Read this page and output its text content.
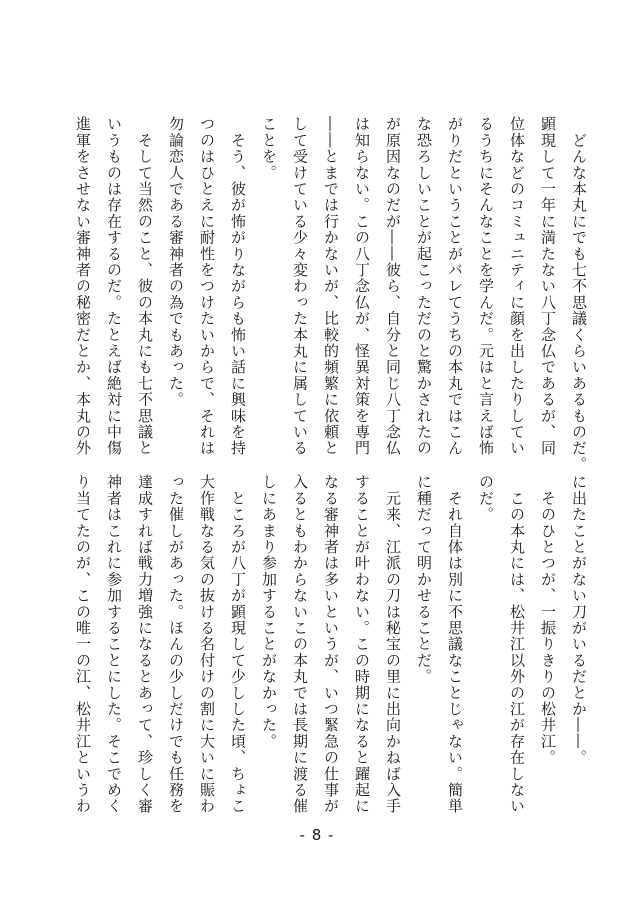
　どんな本丸にでも七不思議くらいあるものだ。

顕現して一年に満たない八丁念仏であるが、同

位体などのコミュニティに顔を出したりしてい

るうちにそんなことを学んだ。元はと言えば怖

がりだということがバレてうちの本丸ではこん

な恐ろしいことが起こっただのと驚かされたの

が原因なのだが――彼ら、自分と同じ八丁念仏

は知らない。この八丁念仏が、怪異対策を専門

――とまでは行かないが、比較的頻繁に依頼と

して受けている少々変わった本丸に属している

ことを。

　そう、彼が怖がりながらも怖い話に興味を持

つのはひとえに耐性をつけたいからで、それは

勿論恋人である審神者の為でもあった。

　そして当然のこと、彼の本丸にも七不思議と

いうものは存在するのだ。たとえば絶対に中傷

進軍をさせない審神者の秘密だとか、本丸の外

に出たことがない刀がいるだとか――。

　そのひとつが、一振りきりの松井江。

　この本丸には、松井江以外の江が存在しない

のだ。

　それ自体は別に不思議なことじゃない。簡単

に種だって明かせることだ。

　元来、江派の刀は秘宝の里に出向かねば入手

することが叶わない。この時期になると躍起に

なる審神者は多いというが、いつ緊急の仕事が

入るともわからないこの本丸では長期に渡る催

しにあまり参加することがなかった。

　ところが八丁が顕現して少しした頃、ちょこ

大作戦なる気の抜ける名付けの割に大いに賑わ

った催しがあった。ほんの少しだけでも任務を

達成すれば戦力増強になるとあって、珍しく審

神者はこれに参加することにした。そこでめく

り当てたのが、この唯一の江、松井江というわ

- 8 -
